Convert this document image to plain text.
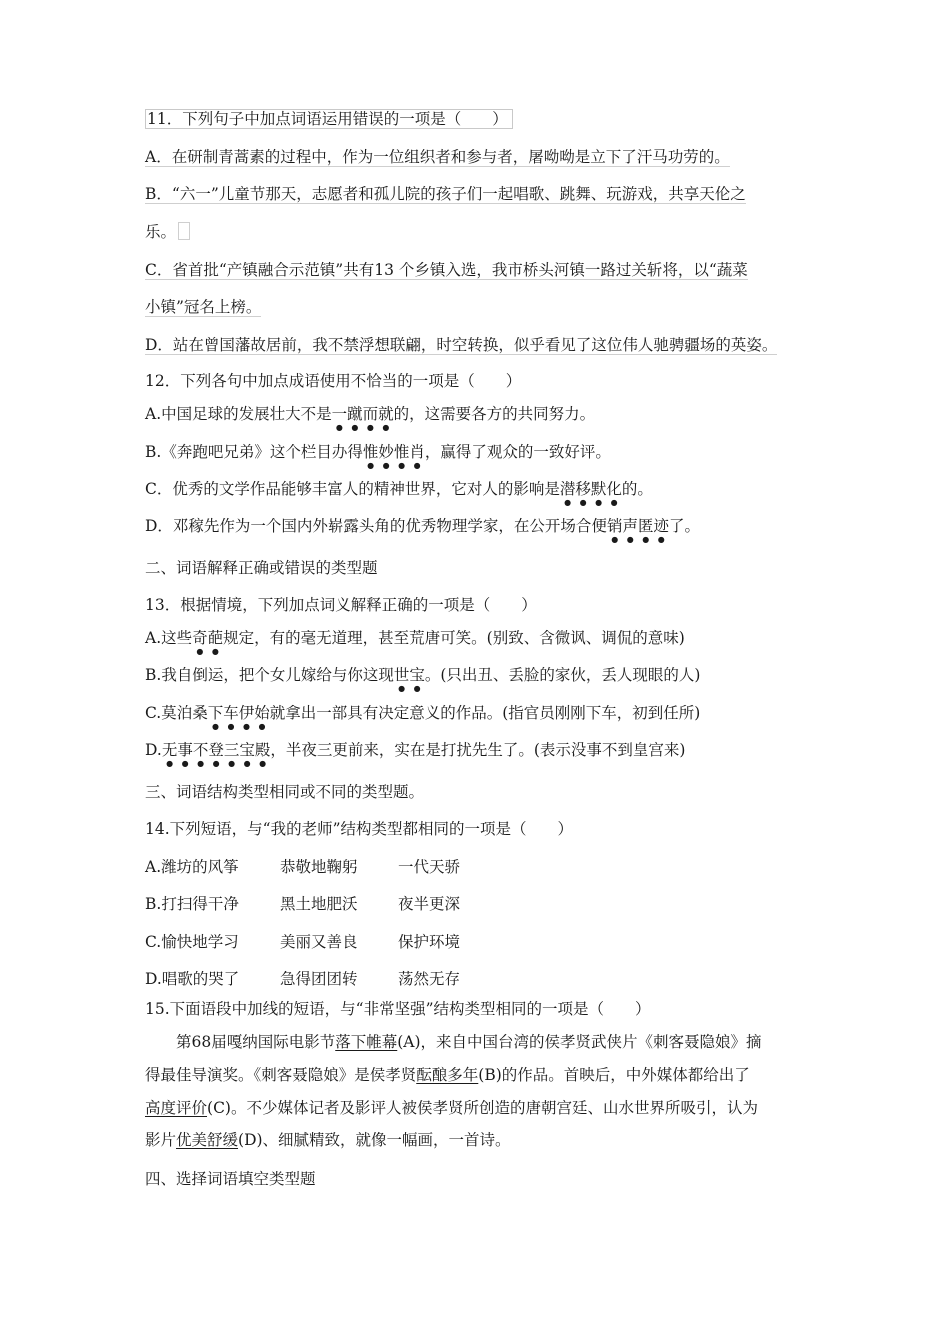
11．下列句子中加点词语运用错误的一项是（　　）
A．在研制青蒿素的过程中，作为一位组织者和参与者，屠呦呦是立下了汗马功劳的。
B．“六一”儿童节那天，志愿者和孤儿院的孩子们一起唱歌、跳舞、玩游戏，共享天伦之
乐。
C．省首批“产镇融合示范镇”共有13 个乡镇入选，我市桥头河镇一路过关斩将，以“蔬菜
小镇”冠名上榜。
D．站在曾国藩故居前，我不禁浮想联翩，时空转换，似乎看见了这位伟人驰骋疆场的英姿。
12．下列各句中加点成语使用不恰当的一项是（　　）
A.中国足球的发展壮大不是一蹴而就的，这需要各方的共同努力。
B.《奔跑吧兄弟》这个栏目办得惟妙惟肖，赢得了观众的一致好评。
C．优秀的文学作品能够丰富人的精神世界，它对人的影响是潜移默化的。
D．邓稼先作为一个国内外崭露头角的优秀物理学家，在公开场合便销声匿迹了。
二、词语解释正确或错误的类型题
13．根据情境，下列加点词义解释正确的一项是（　　）
A.这些奇葩规定，有的毫无道理，甚至荒唐可笑。(别致、含微讽、调侃的意味)
B.我自倒运，把个女儿嫁给与你这现世宝。(只出丑、丢脸的家伙，丢人现眼的人)
C.莫泊桑下车伊始就拿出一部具有决定意义的作品。(指官员刚刚下车，初到任所)
D.无事不登三宝殿，半夜三更前来，实在是打扰先生了。(表示没事不到皇宫来)
三、词语结构类型相同或不同的类型题。
14.下列短语，与“我的老师”结构类型都相同的一项是（　　）
A.潍坊的风筝	恭敬地鞠躬	一代天骄
B.打扫得干净	黑土地肥沃	夜半更深
C.愉快地学习	美丽又善良	保护环境
D.唱歌的哭了	急得团团转	荡然无存
15.下面语段中加线的短语，与“非常坚强”结构类型相同的一项是（　　）
第68届嘎纳国际电影节落下帷幕(A)，来自中国台湾的侯孝贤武侠片《刺客聂隐娘》摘
得最佳导演奖。《刺客聂隐娘》是侯孝贤酝酿多年(B)的作品。首映后，中外媒体都给出了
高度评价(C)。不少媒体记者及影评人被侯孝贤所创造的唐朝宫廷、山水世界所吸引，认为
影片优美舒缓(D)、细腻精致，就像一幅画，一首诗。
四、选择词语填空类型题
